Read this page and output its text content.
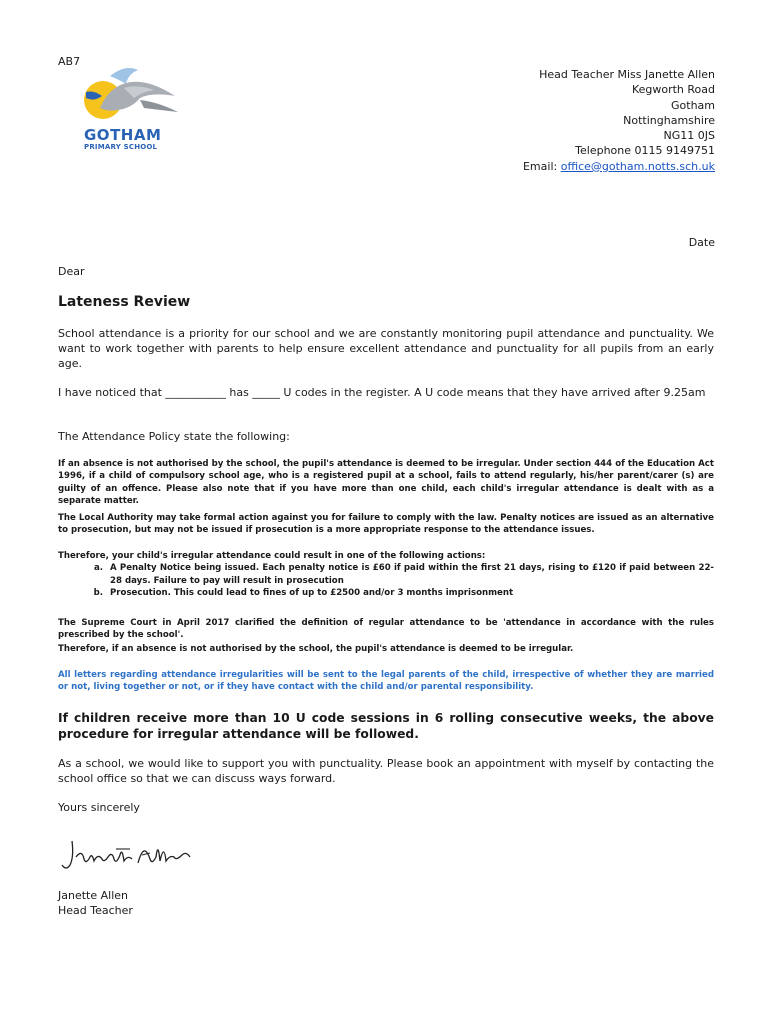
AB7
GOTHAM
PRIMARY SCHOOL
Head Teacher Miss Janette Allen
Kegworth Road
Gotham
Nottinghamshire
NG11 0JS
Telephone 0115 9149751
Email: office@gotham.notts.sch.uk
Date
Dear
Lateness Review
School attendance is a priority for our school and we are constantly monitoring pupil attendance and punctuality. We want to work together with parents to help ensure excellent attendance and punctuality for all pupils from an early age.
I have noticed that ___________ has _____ U codes in the register. A U code means that they have arrived after 9.25am
The Attendance Policy state the following:
If an absence is not authorised by the school, the pupil's attendance is deemed to be irregular. Under section 444 of the Education Act 1996, if a child of compulsory school age, who is a registered pupil at a school, fails to attend regularly, his/her parent/carer (s) are guilty of an offence. Please also note that if you have more than one child, each child's irregular attendance is dealt with as a separate matter.
The Local Authority may take formal action against you for failure to comply with the law. Penalty notices are issued as an alternative to prosecution, but may not be issued if prosecution is a more appropriate response to the attendance issues.
Therefore, your child's irregular attendance could result in one of the following actions:
a. A Penalty Notice being issued. Each penalty notice is £60 if paid within the first 21 days, rising to £120 if paid between 22-28 days. Failure to pay will result in prosecution
b. Prosecution. This could lead to fines of up to £2500 and/or 3 months imprisonment
The Supreme Court in April 2017 clarified the definition of regular attendance to be 'attendance in accordance with the rules prescribed by the school'.
Therefore, if an absence is not authorised by the school, the pupil's attendance is deemed to be irregular.
All letters regarding attendance irregularities will be sent to the legal parents of the child, irrespective of whether they are married or not, living together or not, or if they have contact with the child and/or parental responsibility.
If children receive more than 10 U code sessions in 6 rolling consecutive weeks, the above procedure for irregular attendance will be followed.
As a school, we would like to support you with punctuality. Please book an appointment with myself by contacting the school office so that we can discuss ways forward.
Yours sincerely
Janette Allen
Head Teacher
